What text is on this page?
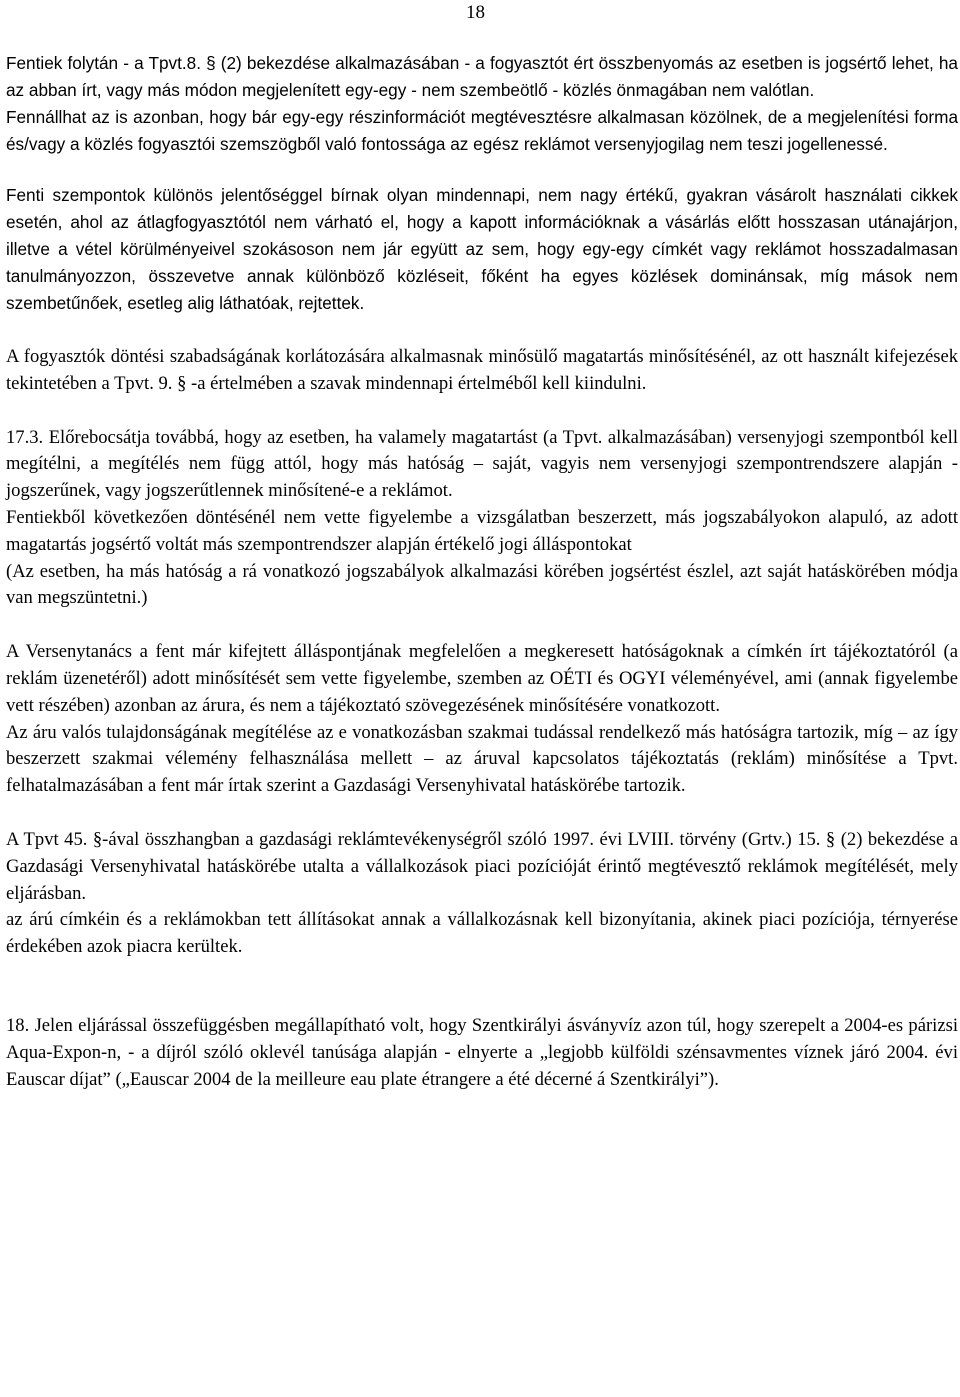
18

Fentiek folytán - a Tpvt.8. § (2) bekezdése alkalmazásában - a fogyasztót ért összbenyomás az esetben is jogsértő lehet, ha az abban írt, vagy más módon megjelenített egy-egy - nem szembeötlő - közlés önmagában nem valótlan.

Fennállhat az is azonban, hogy bár egy-egy részinformációt megtévesztésre alkalmasan közölnek, de a megjelenítési forma és/vagy a közlés fogyasztói szemszögből való fontossága az egész reklámot versenyjogilag nem teszi jogellenessé.

Fenti szempontok különös jelentőséggel bírnak olyan mindennapi, nem nagy értékű, gyakran vásárolt használati cikkek esetén, ahol az átlagfogyasztótól nem várható el, hogy a kapott információknak a vásárlás előtt hosszasan utánajárjon, illetve a vétel körülményeivel szokásoson nem jár együtt az sem, hogy egy-egy címkét vagy reklámot hosszadalmasan tanulmányozzon, összevetve annak különböző közléseit, főként ha egyes közlések dominánsak, míg mások nem szembetűnőek, esetleg alig láthatóak, rejtettek.

A fogyasztók döntési szabadságának korlátozására alkalmasnak minősülő magatartás minősítésénél, az ott használt kifejezések tekintetében a Tpvt. 9. § -a értelmében a szavak mindennapi értelméből kell kiindulni.

17.3. Előrebocsátja továbbá, hogy az esetben, ha valamely magatartást (a Tpvt. alkalmazásában) versenyjogi szempontból kell megítélni, a megítélés nem függ attól, hogy más hatóság – saját, vagyis nem versenyjogi szempontrendszere alapján - jogszerűnek, vagy jogszerűtlennek minősítené-e a reklámot.

Fentiekből következően döntésénél nem vette figyelembe a vizsgálatban beszerzett, más jogszabályokon alapuló, az adott magatartás jogsértő voltát más szempontrendszer alapján értékelő jogi álláspontokat

(Az esetben, ha más hatóság a rá vonatkozó jogszabályok alkalmazási körében jogsértést észlel, azt saját hatáskörében módja van megszüntetni.)

A Versenytanács a fent már kifejtett álláspontjának megfelelően a megkeresett hatóságoknak a címkén írt tájékoztatóról (a reklám üzenetéről) adott minősítését sem vette figyelembe, szemben az OÉTI és OGYI véleményével, ami (annak figyelembe vett részében) azonban az árura, és nem a tájékoztató szövegezésének minősítésére vonatkozott.

Az áru valós tulajdonságának megítélése az e vonatkozásban szakmai tudással rendelkező más hatóságra tartozik, míg – az így beszerzett szakmai vélemény felhasználása mellett – az áruval kapcsolatos tájékoztatás (reklám) minősítése a Tpvt. felhatalmazásában a fent már írtak szerint a Gazdasági Versenyhivatal hatáskörébe tartozik.

A Tpvt 45. §-ával összhangban a gazdasági reklámtevékenységről szóló 1997. évi LVIII. törvény (Grtv.) 15. § (2) bekezdése a Gazdasági Versenyhivatal hatáskörébe utalta a vállalkozások piaci pozícióját érintő megtévesztő reklámok megítélését, mely eljárásban.

az árú címkéin és a reklámokban tett állításokat annak a vállalkozásnak kell bizonyítania, akinek piaci pozíciója, térnyerése érdekében azok piacra kerültek.

18. Jelen eljárással összefüggésben megállapítható volt, hogy Szentkirályi ásványvíz azon túl, hogy szerepelt a 2004-es párizsi Aqua-Expon-n, - a díjról szóló oklevél tanúsága alapján - elnyerte a „legjobb külföldi szénsavmentes víznek járó 2004. évi Eauscar díjat” („Eauscar 2004 de la meilleure eau plate étrangere a été décerné á Szentkirályi”).
